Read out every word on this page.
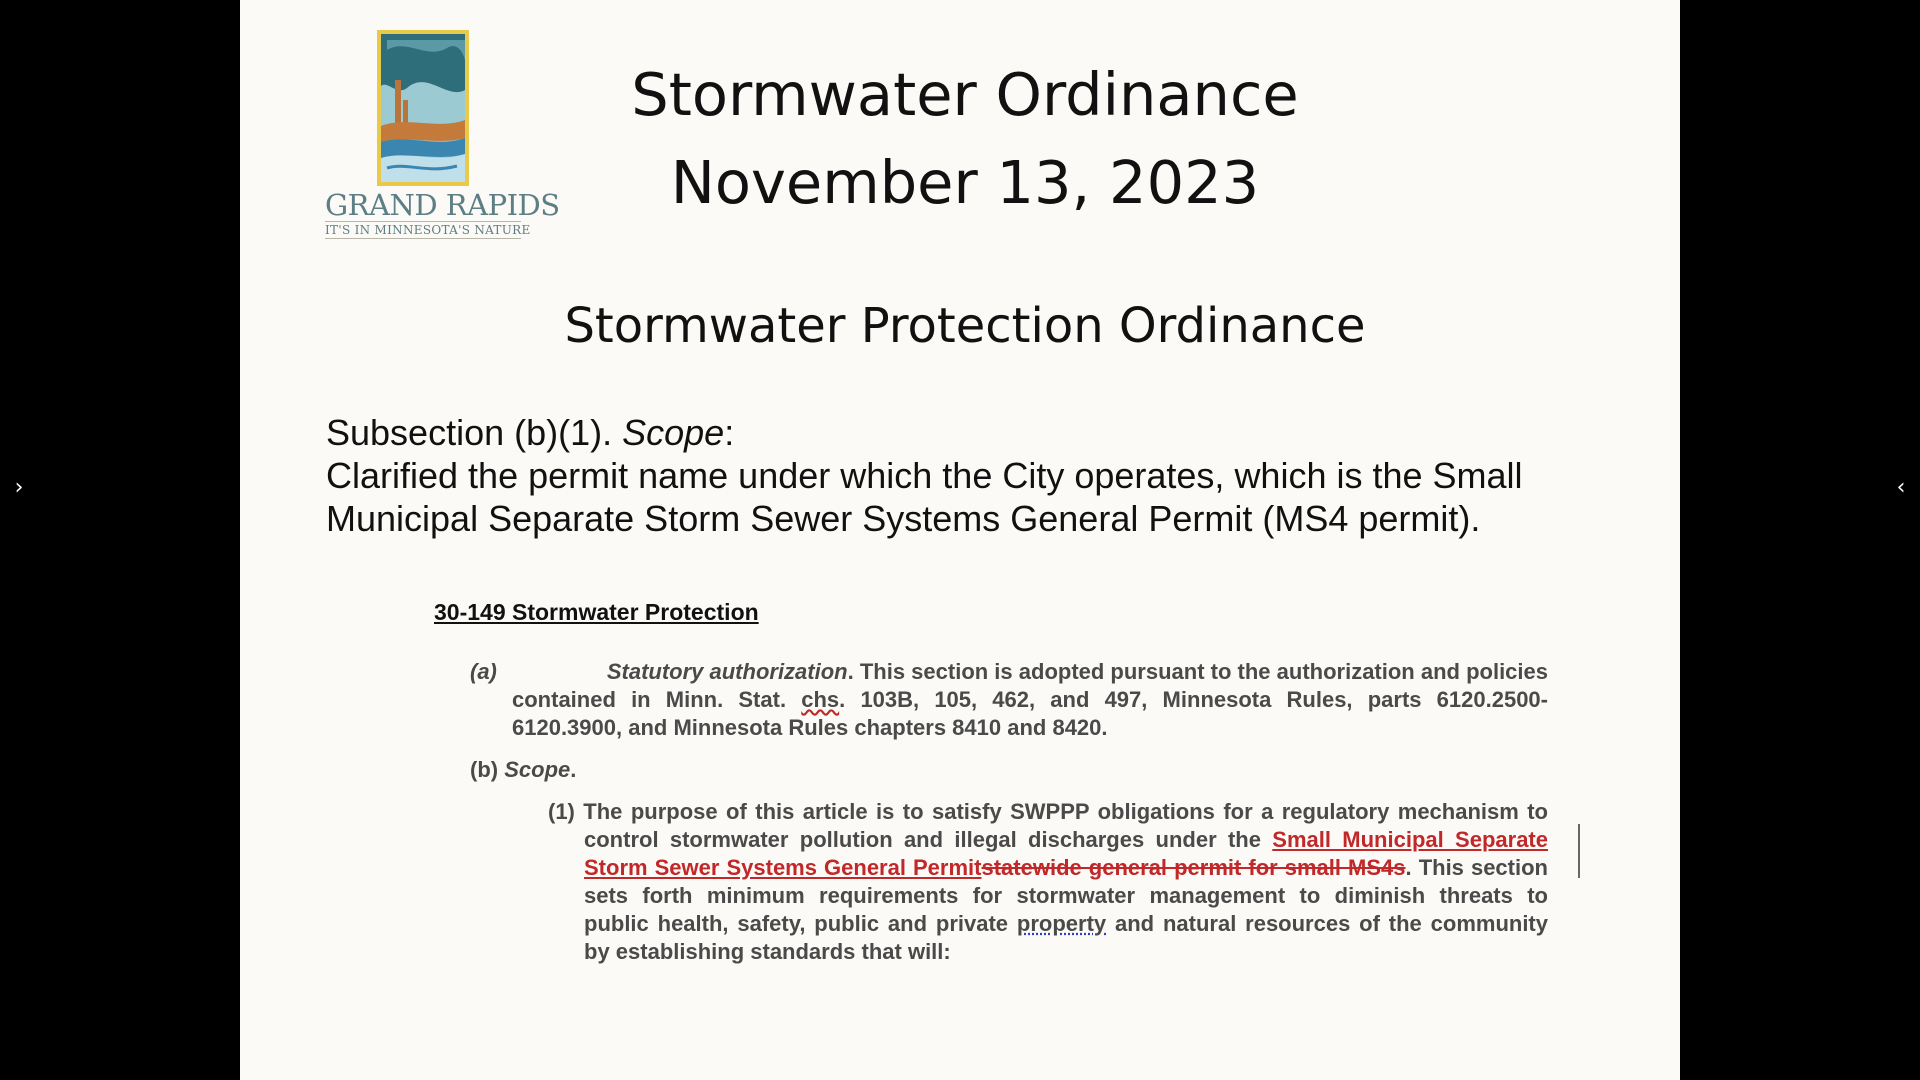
›	‹
GRAND RAPIDS
IT'S IN MINNESOTA'S NATURE
Stormwater Ordinance
November 13, 2023
Stormwater Protection Ordinance
Subsection (b)(1). Scope:
Clarified the permit name under which the City operates, which is the Small
Municipal Separate Storm Sewer Systems General Permit (MS4 permit).
30-149 Stormwater Protection
(a)	Statutory authorization. This section is adopted pursuant to the authorization and policies
contained in Minn. Stat. chs. 103B, 105, 462, and 497, Minnesota Rules, parts 6120.2500-
6120.3900, and Minnesota Rules chapters 8410 and 8420.
(b) Scope.
(1) The purpose of this article is to satisfy SWPPP obligations for a regulatory mechanism to
control stormwater pollution and illegal discharges under the Small Municipal Separate
Storm Sewer Systems General Permitstatewide general permit for small MS4s. This section
sets forth minimum requirements for stormwater management to diminish threats to
public health, safety, public and private property and natural resources of the community
by establishing standards that will:
